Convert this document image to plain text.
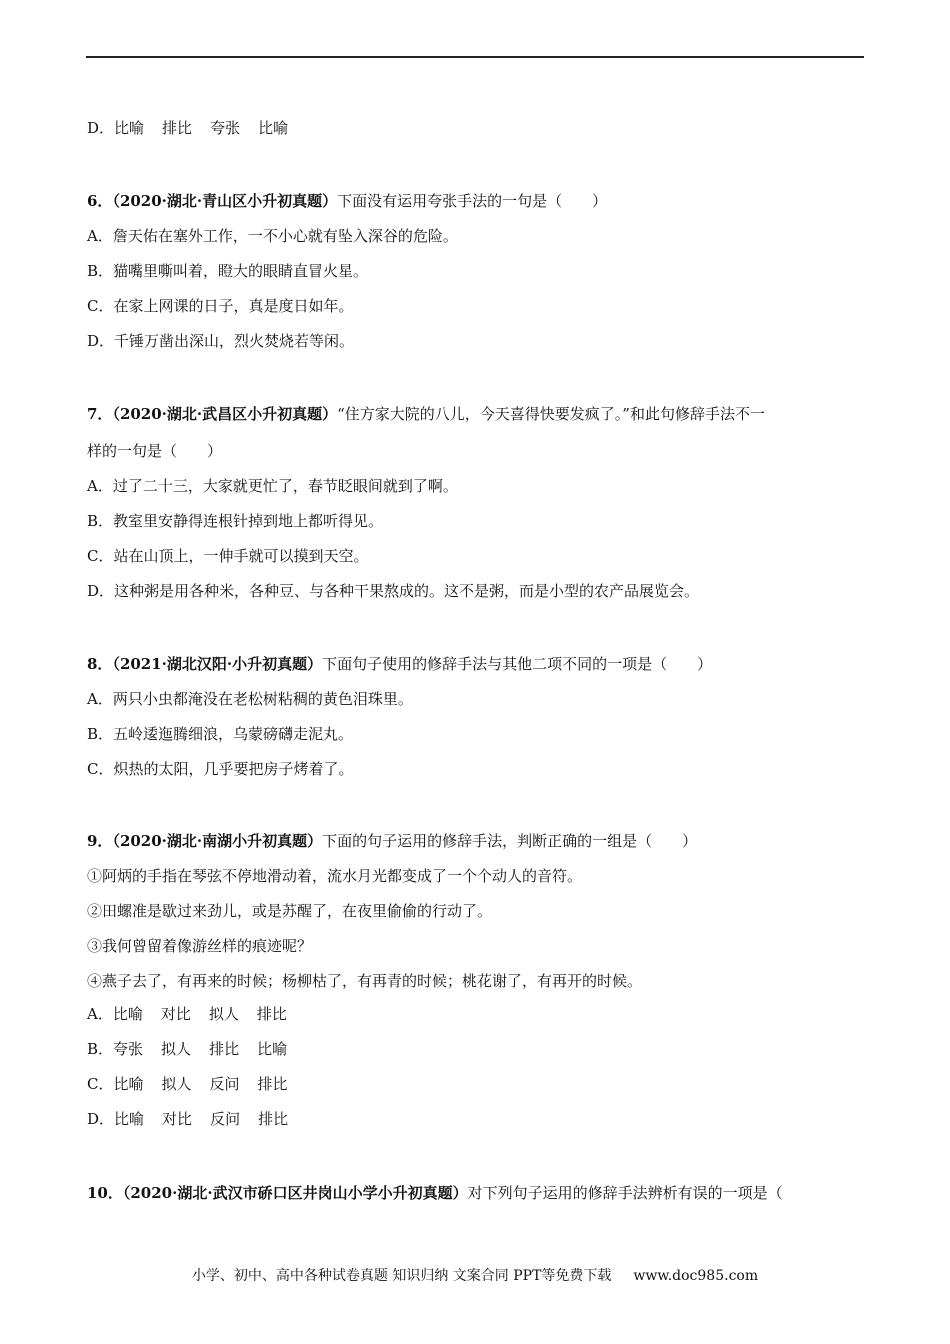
D．比喻 排比 夸张 比喻
6．（2020·湖北·青山区小升初真题）下面没有运用夸张手法的一句是（　　）
A．詹天佑在塞外工作，一不小心就有坠入深谷的危险。
B．猫嘴里嘶叫着，瞪大的眼睛直冒火星。
C．在家上网课的日子，真是度日如年。
D．千锤万凿出深山，烈火焚烧若等闲。
7．（2020·湖北·武昌区小升初真题）“住方家大院的八儿，今天喜得快要发疯了。”和此句修辞手法不一
样的一句是（　　）
A．过了二十三，大家就更忙了，春节眨眼间就到了啊。
B．教室里安静得连根针掉到地上都听得见。
C．站在山顶上，一伸手就可以摸到天空。
D．这种粥是用各种米，各种豆、与各种干果熬成的。这不是粥，而是小型的农产品展览会。
8．（2021·湖北汉阳·小升初真题）下面句子使用的修辞手法与其他二项不同的一项是（　　）
A．两只小虫都淹没在老松树粘稠的黄色泪珠里。
B．五岭逶迤腾细浪，乌蒙磅礴走泥丸。
C．炽热的太阳，几乎要把房子烤着了。
9．（2020·湖北·南湖小升初真题）下面的句子运用的修辞手法，判断正确的一组是（　　）
①阿炳的手指在琴弦不停地滑动着，流水月光都变成了一个个动人的音符。
②田螺准是歇过来劲儿，或是苏醒了，在夜里偷偷的行动了。
③我何曾留着像游丝样的痕迹呢？
④燕子去了，有再来的时候；杨柳枯了，有再青的时候；桃花谢了，有再开的时候。
A．比喻 对比 拟人 排比
B．夸张 拟人 排比 比喻
C．比喻 拟人 反问 排比
D．比喻 对比 反问 排比
10．（2020·湖北·武汉市硚口区井岗山小学小升初真题）对下列句子运用的修辞手法辨析有误的一项是（
小学、初中、高中各种试卷真题 知识归纳 文案合同 PPT等免费下载 www.doc985.com
